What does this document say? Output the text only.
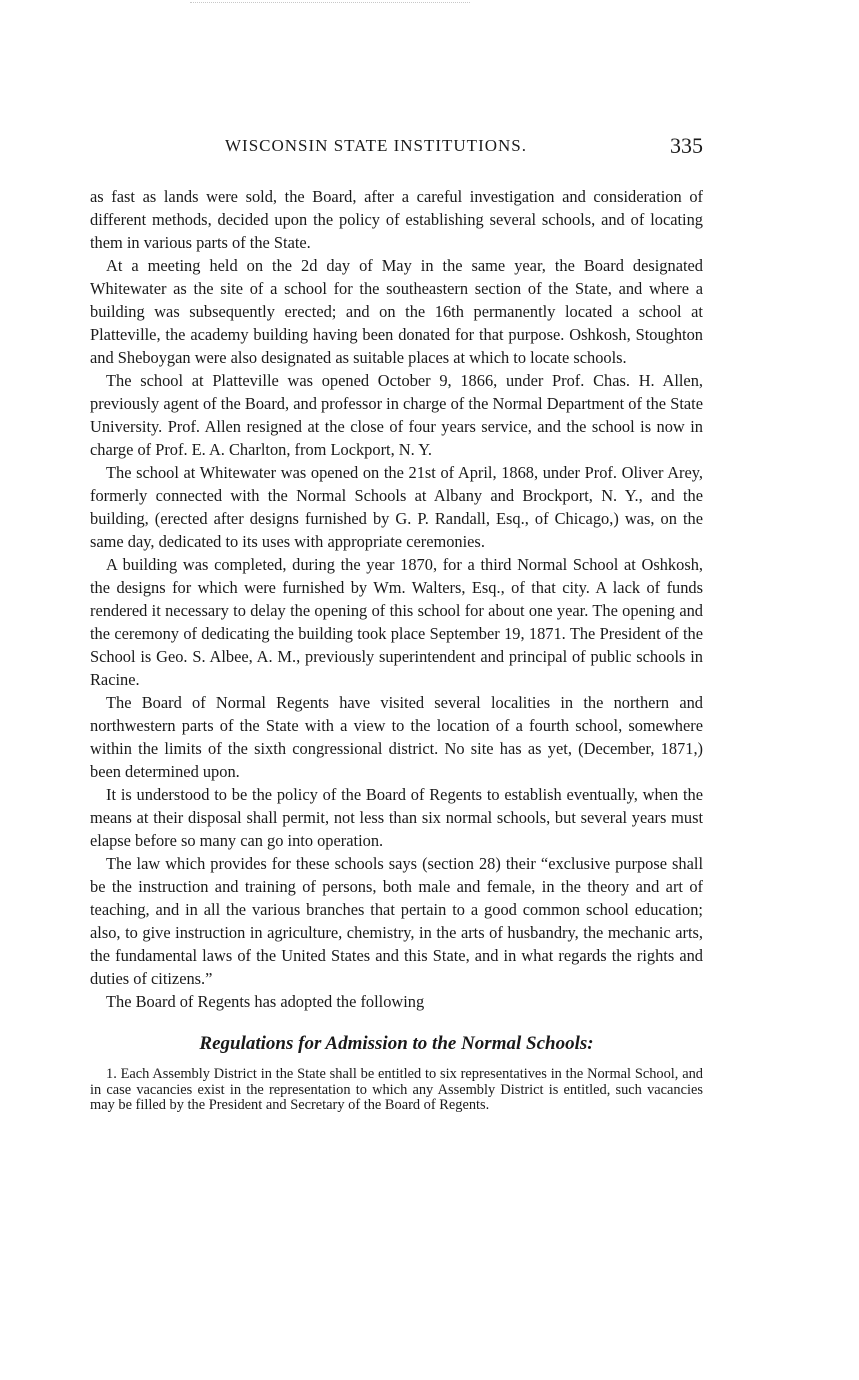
WISCONSIN STATE INSTITUTIONS.	335

as fast as lands were sold, the Board, after a careful investigation and consideration of different methods, decided upon the policy of establishing several schools, and of locating them in various parts of the State.

At a meeting held on the 2d day of May in the same year, the Board designated Whitewater as the site of a school for the southeastern section of the State, and where a building was subsequently erected; and on the 16th permanently located a school at Platteville, the academy building having been donated for that purpose. Oshkosh, Stoughton and Sheboygan were also designated as suitable places at which to locate schools.

The school at Platteville was opened October 9, 1866, under Prof. Chas. H. Allen, previously agent of the Board, and professor in charge of the Normal Department of the State University. Prof. Allen resigned at the close of four years service, and the school is now in charge of Prof. E. A. Charlton, from Lockport, N. Y.

The school at Whitewater was opened on the 21st of April, 1868, under Prof. Oliver Arey, formerly connected with the Normal Schools at Albany and Brockport, N. Y., and the building, (erected after designs furnished by G. P. Randall, Esq., of Chicago,) was, on the same day, dedicated to its uses with appropriate ceremonies.

A building was completed, during the year 1870, for a third Normal School at Oshkosh, the designs for which were furnished by Wm. Walters, Esq., of that city. A lack of funds rendered it necessary to delay the opening of this school for about one year. The opening and the ceremony of dedicating the building took place September 19, 1871. The President of the School is Geo. S. Albee, A. M., previously superintendent and principal of public schools in Racine.

The Board of Normal Regents have visited several localities in the northern and northwestern parts of the State with a view to the location of a fourth school, somewhere within the limits of the sixth congressional district. No site has as yet, (December, 1871,) been determined upon.

It is understood to be the policy of the Board of Regents to establish eventually, when the means at their disposal shall permit, not less than six normal schools, but several years must elapse before so many can go into operation.

The law which provides for these schools says (section 28) their “exclusive purpose shall be the instruction and training of persons, both male and female, in the theory and art of teaching, and in all the various branches that pertain to a good common school education; also, to give instruction in agriculture, chemistry, in the arts of husbandry, the mechanic arts, the fundamental laws of the United States and this State, and in what regards the rights and duties of citizens.”

The Board of Regents has adopted the following

Regulations for Admission to the Normal Schools:

1. Each Assembly District in the State shall be entitled to six representatives in the Normal School, and in case vacancies exist in the representation to which any Assembly District is entitled, such vacancies may be filled by the President and Secretary of the Board of Regents.
